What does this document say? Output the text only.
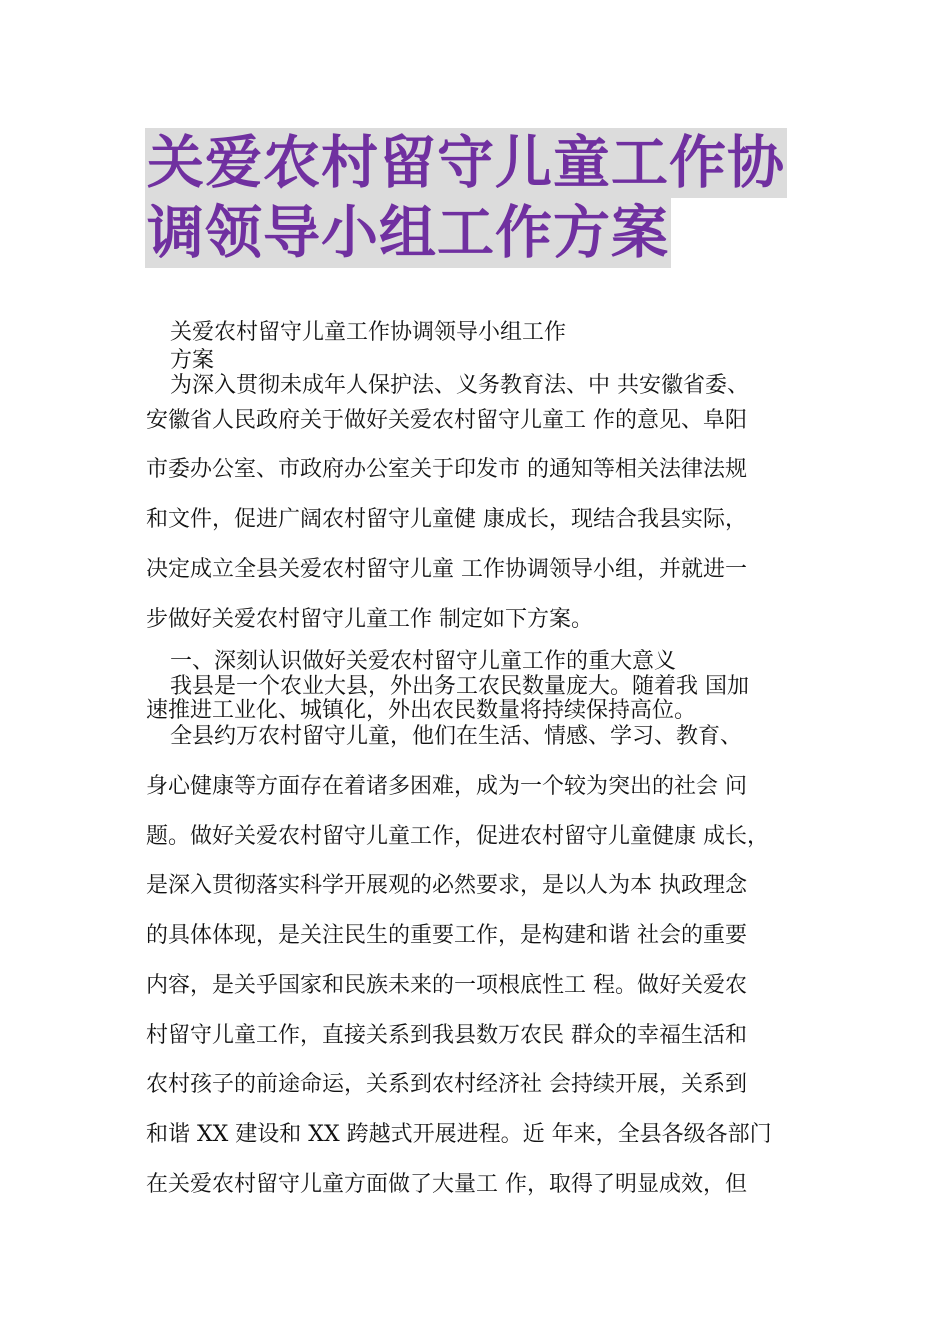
关爱农村留守儿童工作协
调领导小组工作方案
关爱农村留守儿童工作协调领导小组工作
方案
为深入贯彻未成年人保护法、义务教育法、中 共安徽省委、
安徽省人民政府关于做好关爱农村留守儿童工 作的意见、阜阳
市委办公室、市政府办公室关于印发市 的通知等相关法律法规
和文件，促进广阔农村留守儿童健 康成长，现结合我县实际，
决定成立全县关爱农村留守儿童 工作协调领导小组，并就进一
步做好关爱农村留守儿童工作 制定如下方案。
一、深刻认识做好关爱农村留守儿童工作的重大意义
我县是一个农业大县，外出务工农民数量庞大。随着我 国加
速推进工业化、城镇化，外出农民数量将持续保持高位。
全县约万农村留守儿童，他们在生活、情感、学习、教育、
身心健康等方面存在着诸多困难，成为一个较为突出的社会 问
题。做好关爱农村留守儿童工作，促进农村留守儿童健康 成长，
是深入贯彻落实科学开展观的必然要求，是以人为本 执政理念
的具体体现，是关注民生的重要工作，是构建和谐 社会的重要
内容，是关乎国家和民族未来的一项根底性工 程。做好关爱农
村留守儿童工作，直接关系到我县数万农民 群众的幸福生活和
农村孩子的前途命运，关系到农村经济社 会持续开展，关系到
和谐 XX 建设和 XX 跨越式开展进程。近 年来，全县各级各部门
在关爱农村留守儿童方面做了大量工 作，取得了明显成效，但
